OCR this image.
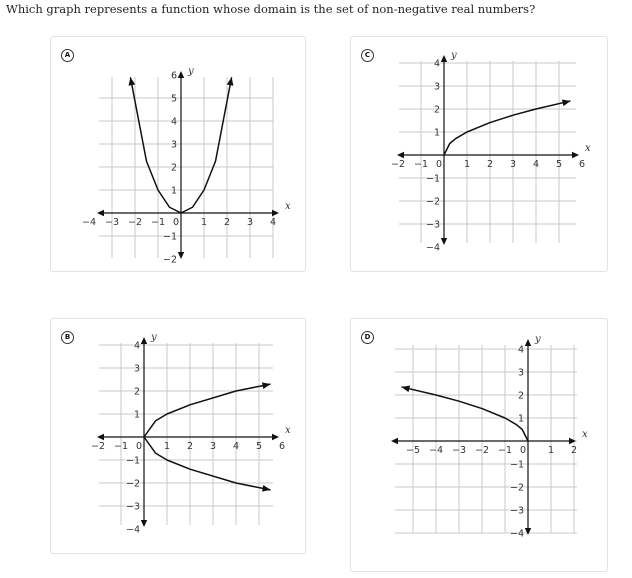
Which graph represents a function whose domain is the set of non-negative real numbers?
A
x
y
−4 −3 −2 −1 0 1 2 3 4
−2
−1
1
2
3
4
5
6
C
x
y
−2 −1 0 1 2 3 4 5 6
−4
−3
−2
−1
1
2
3
4
B
x
y
−2 −1 0 1 2 3 4 5 6
−4
−3
−2
−1
1
2
3
4
D
x
y
−5 −4 −3 −2 −1 0 1 2
−4
−3
−2
−1
1
2
3
4
